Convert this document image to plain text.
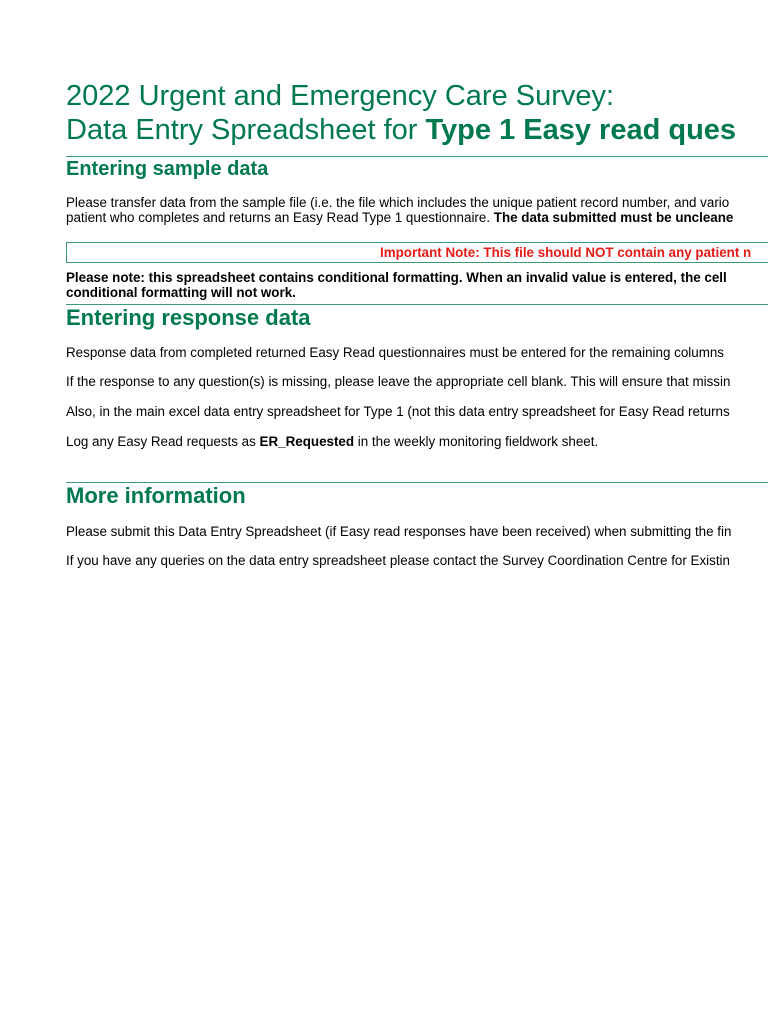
2022 Urgent and Emergency Care Survey:
Data Entry Spreadsheet for Type 1 Easy read ques
Entering sample data
Please transfer data from the sample file (i.e. the file which includes the unique patient record number, and vario
patient who completes and returns an Easy Read Type 1 questionnaire. The data submitted must be uncleane
Important Note: This file should NOT contain any patient n
Please note: this spreadsheet contains conditional formatting. When an invalid value is entered, the cell
conditional formatting will not work.
Entering response data
Response data from completed returned Easy Read questionnaires must be entered for the remaining columns
If the response to any question(s) is missing, please leave the appropriate cell blank. This will ensure that missin
Also, in the main excel data entry spreadsheet for Type 1 (not this data entry spreadsheet for Easy Read returns
Log any Easy Read requests as ER_Requested in the weekly monitoring fieldwork sheet.
More information
Please submit this Data Entry Spreadsheet (if Easy read responses have been received) when submitting the fin
If you have any queries on the data entry spreadsheet please contact the Survey Coordination Centre for Existin
